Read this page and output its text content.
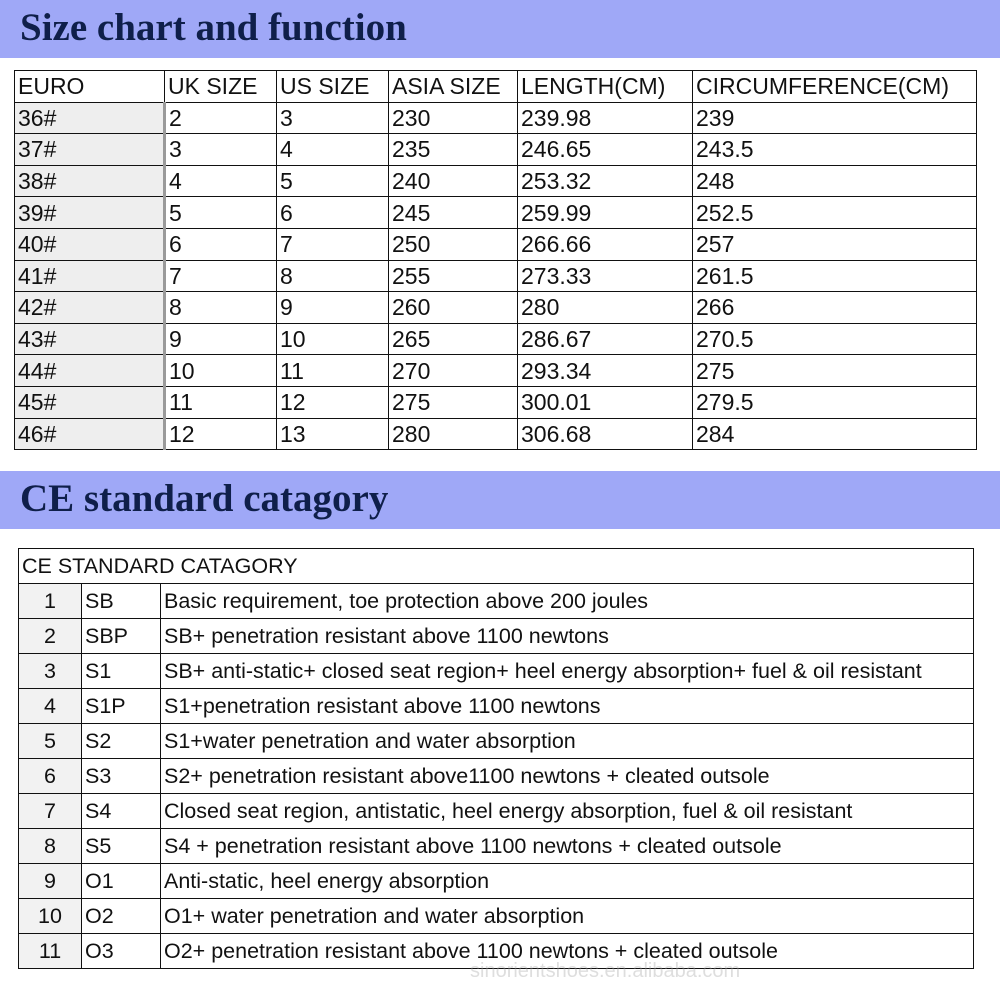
Size chart and function
EURO	UK SIZE	US SIZE	ASIA SIZE	LENGTH(CM)	CIRCUMFERENCE(CM)
36#	2	3	230	239.98	239
37#	3	4	235	246.65	243.5
38#	4	5	240	253.32	248
39#	5	6	245	259.99	252.5
40#	6	7	250	266.66	257
41#	7	8	255	273.33	261.5
42#	8	9	260	280	266
43#	9	10	265	286.67	270.5
44#	10	11	270	293.34	275
45#	11	12	275	300.01	279.5
46#	12	13	280	306.68	284
CE standard catagory
CE STANDARD CATAGORY		
1	SB	Basic requirement, toe protection above 200 joules
2	SBP	SB+ penetration resistant above 1100 newtons
3	S1	SB+ anti-static+ closed seat region+ heel energy absorption+ fuel & oil resistant
4	S1P	S1+penetration resistant above 1100 newtons
5	S2	S1+water penetration and water absorption
6	S3	S2+ penetration resistant above1100 newtons + cleated outsole
7	S4	Closed seat region, antistatic, heel energy absorption, fuel & oil resistant
8	S5	S4 + penetration resistant above 1100 newtons + cleated outsole
9	O1	Anti-static, heel energy absorption
10	O2	O1+ water penetration and water absorption
11	O3	O2+ penetration resistant above 1100 newtons + cleated outsole
sinorientshoes.en.alibaba.com
